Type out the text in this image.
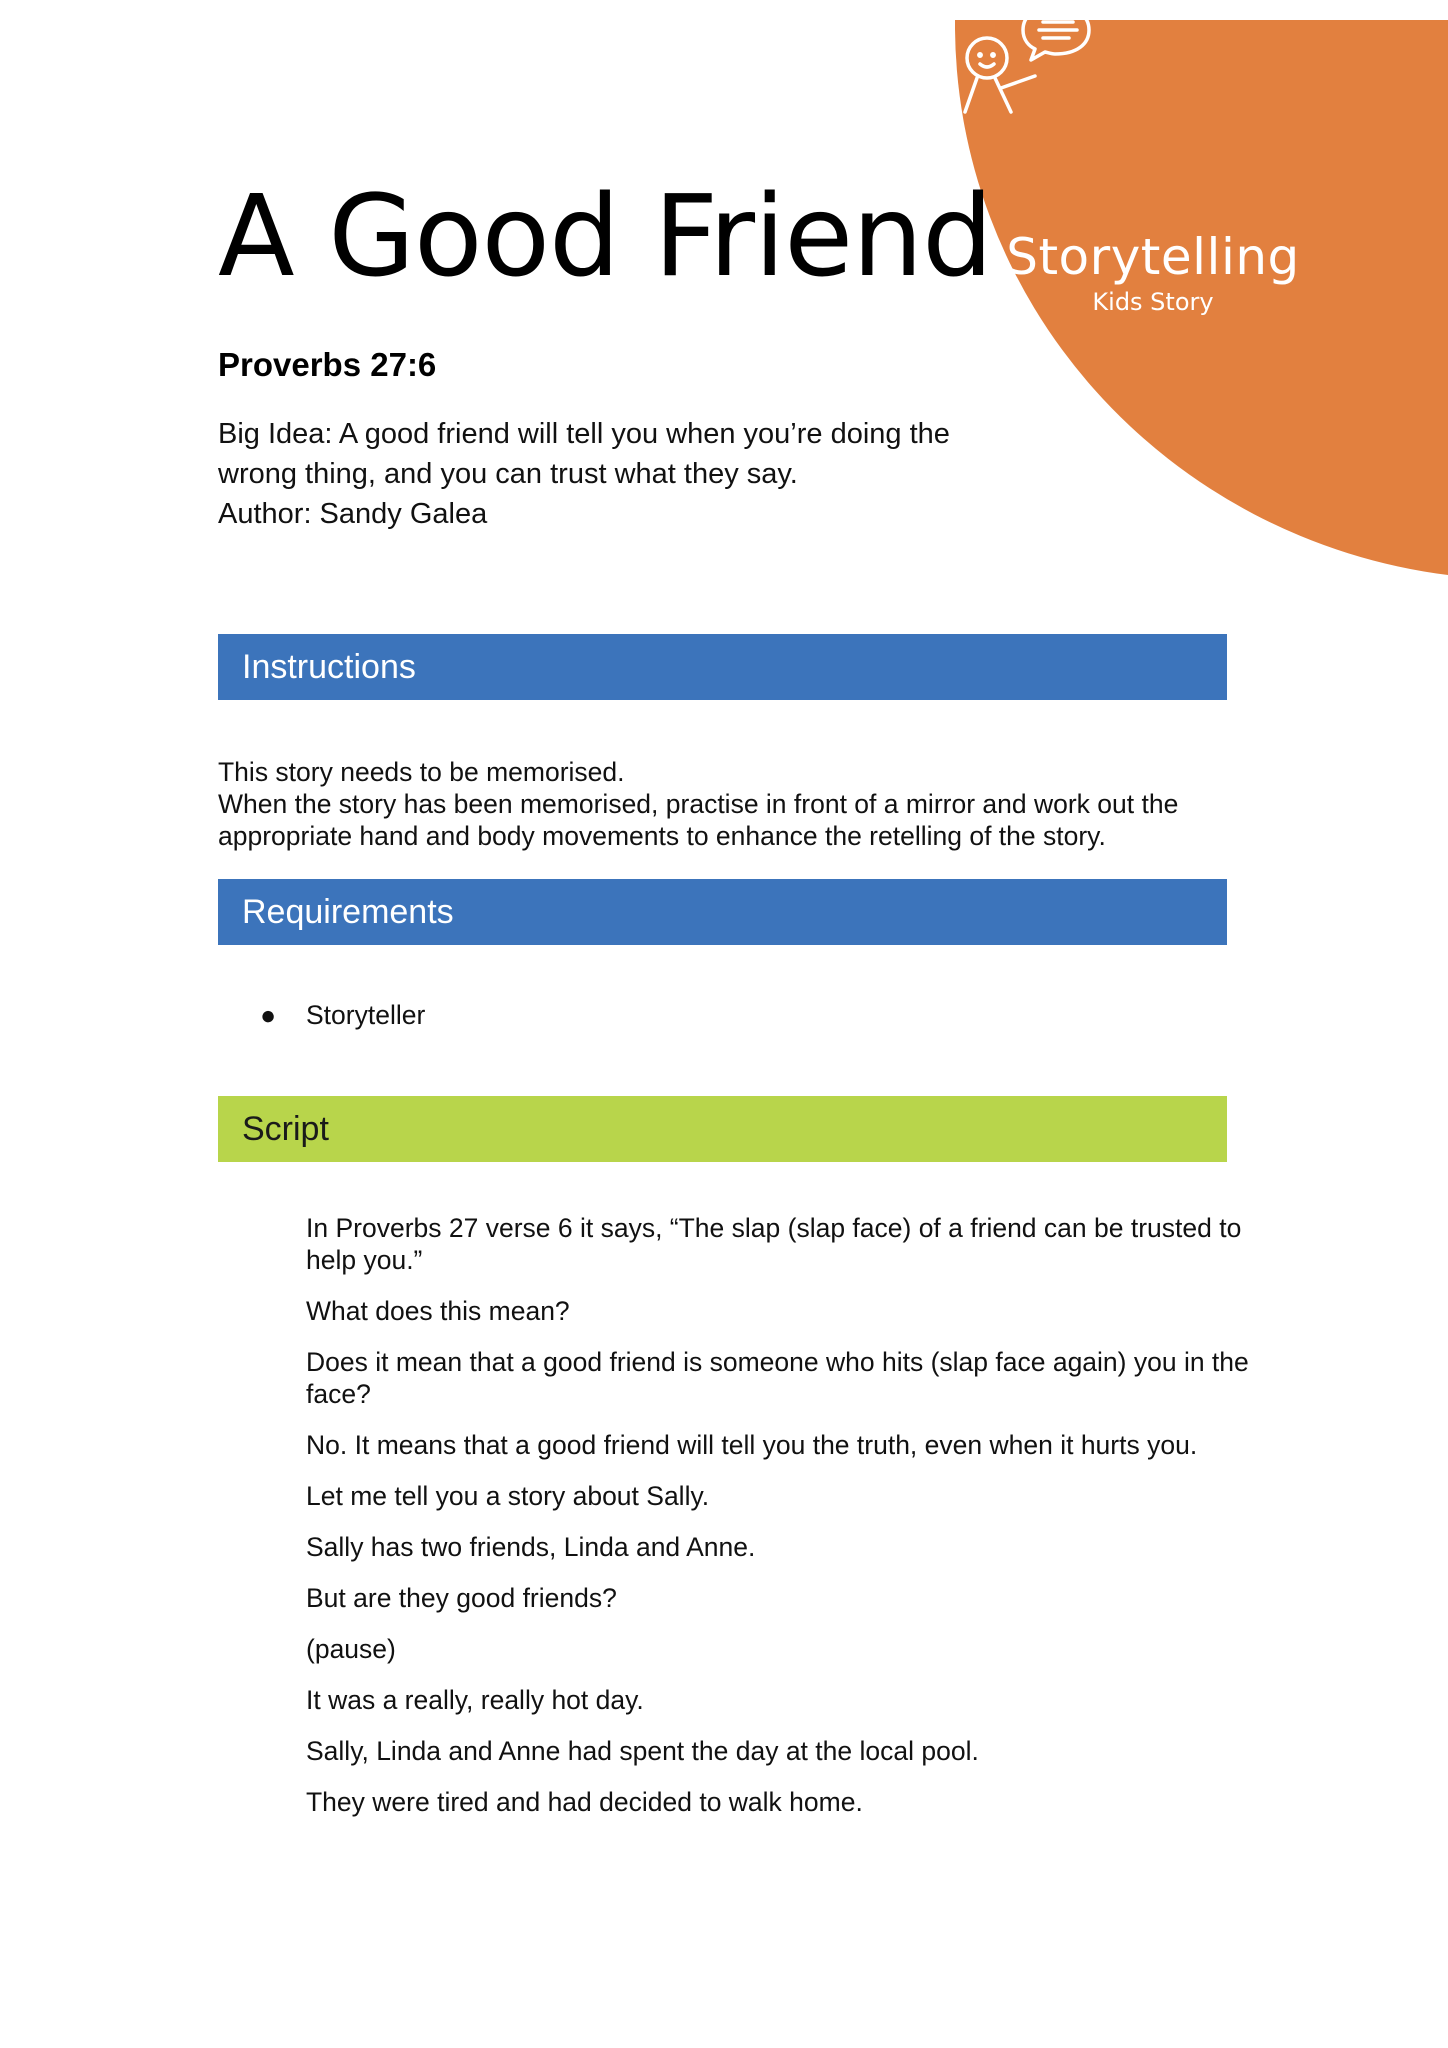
Storytelling
Kids Story
A Good Friend
Proverbs 27:6

Big Idea: A good friend will tell you when you’re doing the wrong thing, and you can trust what they say.

Author: Sandy Galea

Instructions

This story needs to be memorised.

When the story has been memorised, practise in front of a mirror and work out the appropriate hand and body movements to enhance the retelling of the story.

Requirements
● Storyteller
Script

In Proverbs 27 verse 6 it says, “The slap (slap face) of a friend can be trusted to help you.”

What does this mean?

Does it mean that a good friend is someone who hits (slap face again) you in the face?

No. It means that a good friend will tell you the truth, even when it hurts you.

Let me tell you a story about Sally.

Sally has two friends, Linda and Anne.

But are they good friends?

(pause)

It was a really, really hot day.

Sally, Linda and Anne had spent the day at the local pool.

They were tired and had decided to walk home.
